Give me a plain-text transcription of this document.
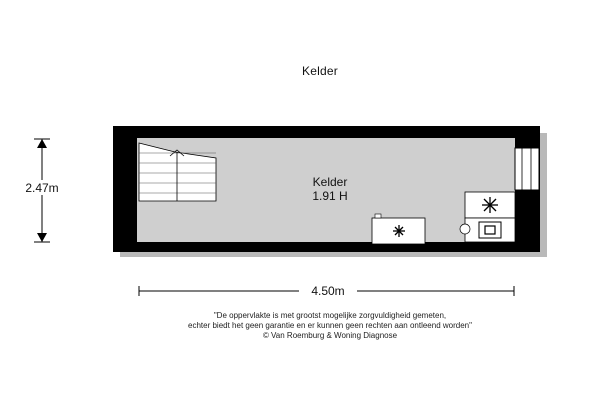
Kelder
Kelder
1.91 H
2.47m
4.50m
"De oppervlakte is met grootst mogelijke zorgvuldigheid gemeten,
echter biedt het geen garantie en er kunnen geen rechten aan ontleend worden"
© Van Roemburg & Woning Diagnose
